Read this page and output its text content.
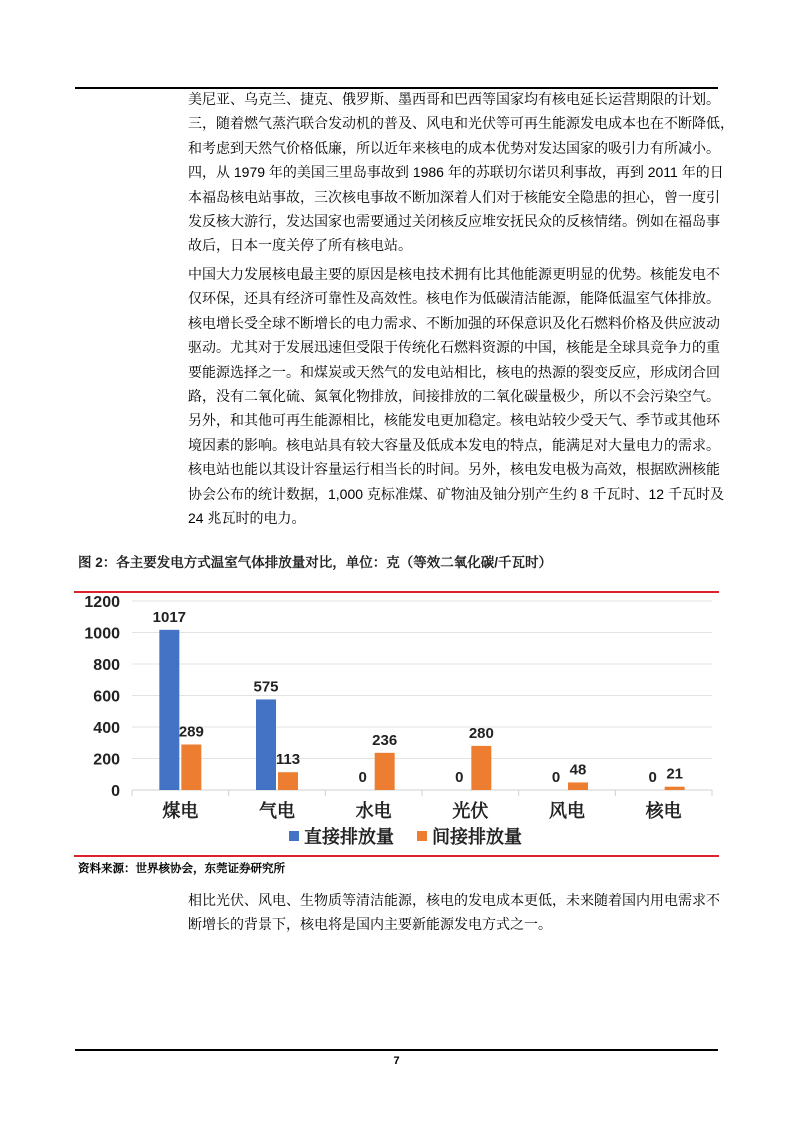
美尼亚、乌克兰、捷克、俄罗斯、墨西哥和巴西等国家均有核电延长运营期限的计划。
三，随着燃气蒸汽联合发动机的普及、风电和光伏等可再生能源发电成本也在不断降低，
和考虑到天然气价格低廉，所以近年来核电的成本优势对发达国家的吸引力有所减小。
四，从 1979 年的美国三里岛事故到 1986 年的苏联切尔诺贝利事故，再到 2011 年的日
本福岛核电站事故，三次核电事故不断加深着人们对于核能安全隐患的担心，曾一度引
发反核大游行，发达国家也需要通过关闭核反应堆安抚民众的反核情绪。例如在福岛事
故后，日本一度关停了所有核电站。
中国大力发展核电最主要的原因是核电技术拥有比其他能源更明显的优势。核能发电不
仅环保，还具有经济可靠性及高效性。核电作为低碳清洁能源，能降低温室气体排放。
核电增长受全球不断增长的电力需求、不断加强的环保意识及化石燃料价格及供应波动
驱动。尤其对于发展迅速但受限于传统化石燃料资源的中国，核能是全球具竞争力的重
要能源选择之一。和煤炭或天然气的发电站相比，核电的热源的裂变反应，形成闭合回
路，没有二氧化硫、氮氧化物排放，间接排放的二氧化碳量极少，所以不会污染空气。
另外，和其他可再生能源相比，核能发电更加稳定。核电站较少受天气、季节或其他环
境因素的影响。核电站具有较大容量及低成本发电的特点，能满足对大量电力的需求。
核电站也能以其设计容量运行相当长的时间。另外，核电发电极为高效，根据欧洲核能
协会公布的统计数据，1,000 克标准煤、矿物油及铀分别产生约 8 千瓦时、12 千瓦时及
24 兆瓦时的电力。
图 2：各主要发电方式温室气体排放量对比，单位：克（等效二氧化碳/千瓦时）
0
200
400
600
800
1000
1200
煤电
1017
289
气电
575
113
水电
0
236
光伏
0
280
风电
0 48
核电
0 21
直接排放量 间接排放量
资料来源：世界核协会，东莞证券研究所
相比光伏、风电、生物质等清洁能源，核电的发电成本更低，未来随着国内用电需求不
断增长的背景下，核电将是国内主要新能源发电方式之一。
7
